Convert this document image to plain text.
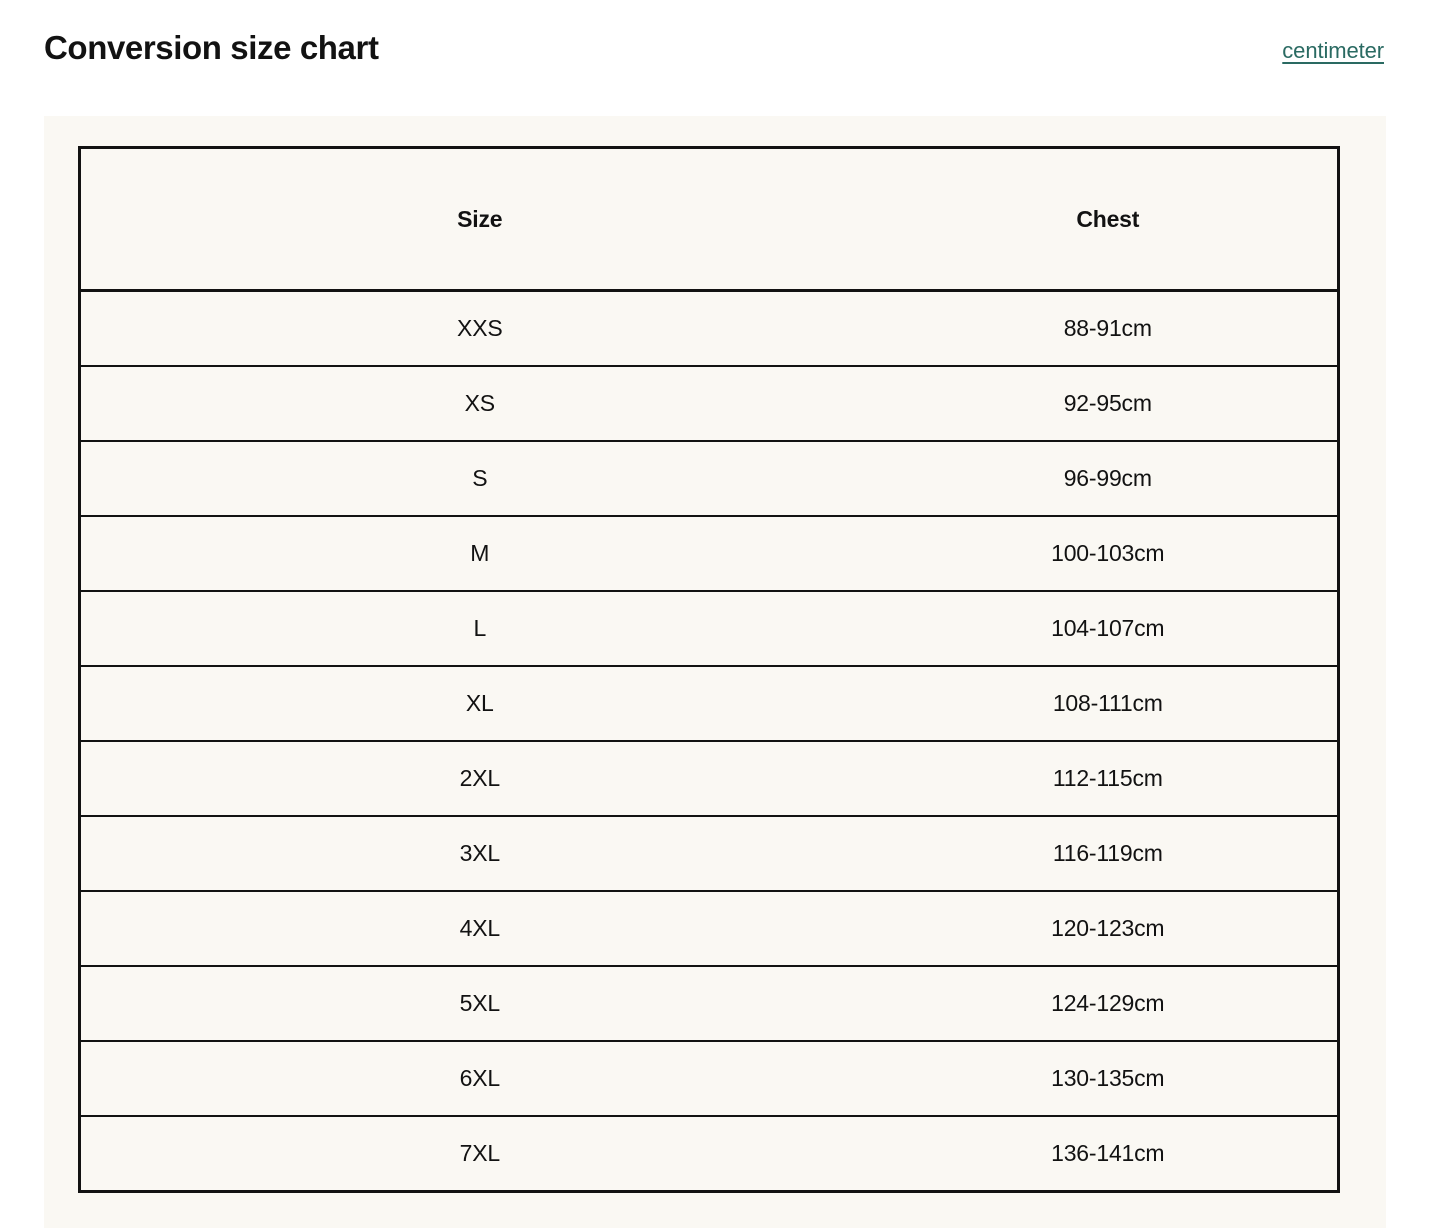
Conversion size chart	centimeter
Size	Chest

XXS	88-91cm

XS	92-95cm

S	96-99cm

M	100-103cm

L	104-107cm

XL	108-111cm

2XL	112-115cm

3XL	116-119cm

4XL	120-123cm

5XL	124-129cm

6XL	130-135cm

7XL	136-141cm
